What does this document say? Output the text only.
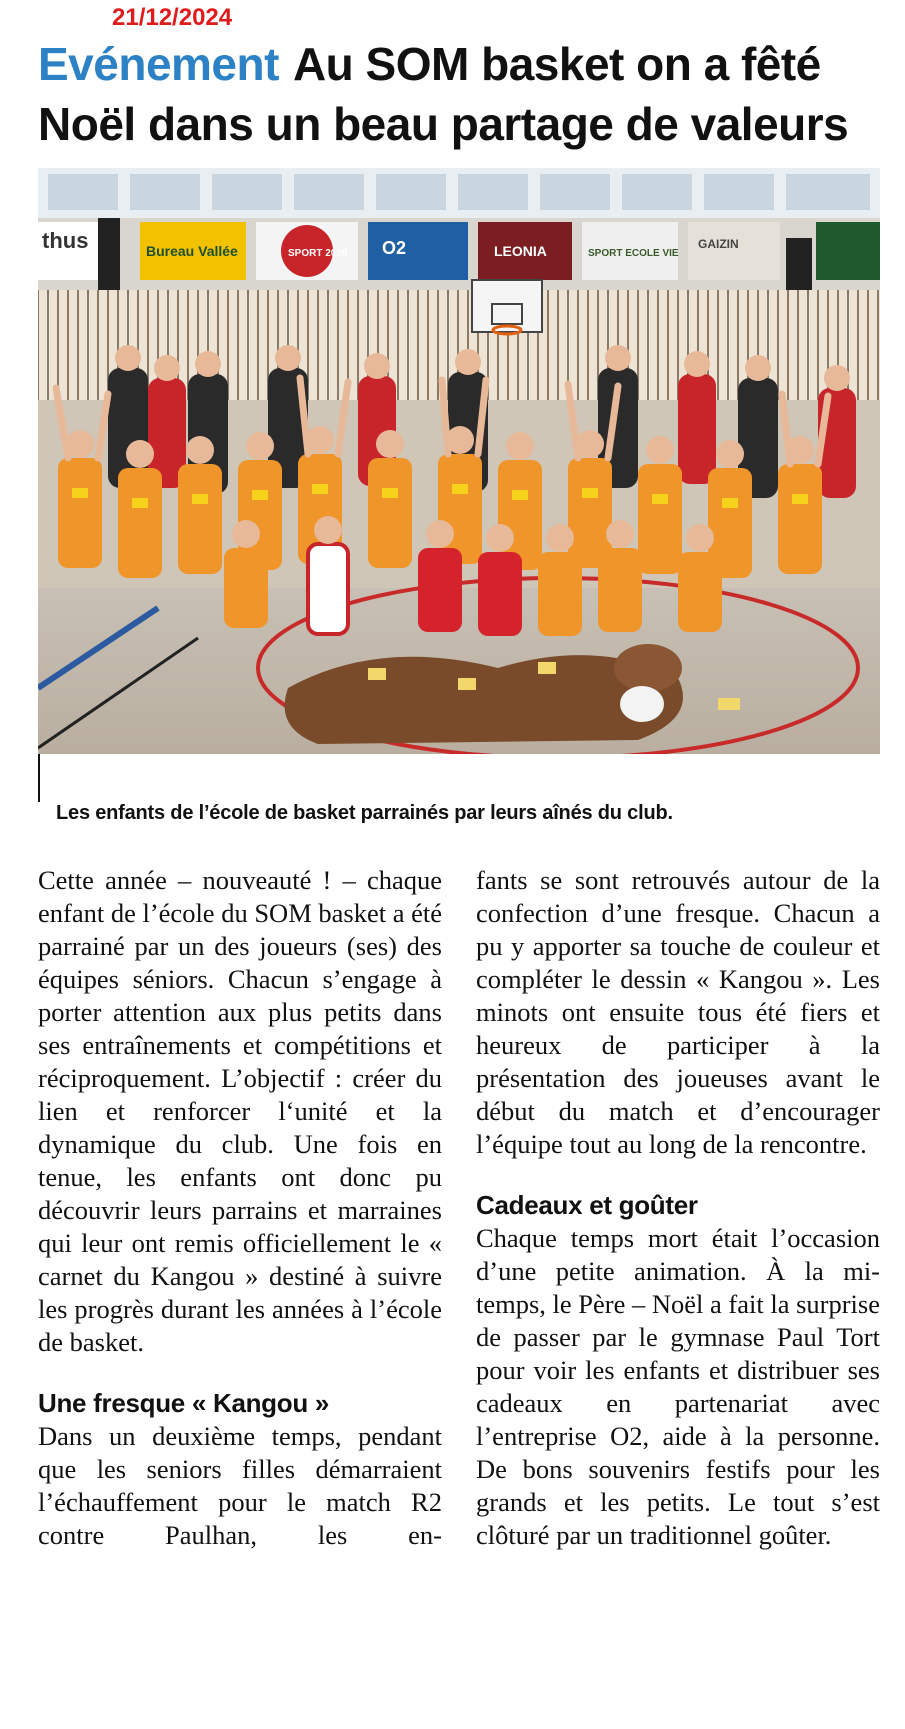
21/12/2024
Evénement Au SOM basket on a fêté Noël dans un beau partage de valeurs
thus	Bureau Vallée	SPORT 2000 O2	LEONIA	SPORT ECOLE VIE
GAIZIN
Les enfants de l’école de basket parrainés par leurs aînés du club.
Cette année – nouveauté ! – chaque enfant de l’école du SOM basket a été parrainé par un des joueurs (ses) des équipes séniors. Chacun s’engage à porter attention aux plus petits dans ses entraînements et compétitions et réciproquement. L’objectif : créer du lien et renforcer l‘unité et la dynamique du club. Une fois en tenue, les enfants ont donc pu découvrir leurs parrains et marraines qui leur ont remis officiellement le « carnet du Kangou » destiné à suivre les progrès durant les années à l’école de basket.
Une fresque « Kangou »
Dans un deuxième temps, pendant que les seniors filles démarraient l’échauffement pour le match R2 contre Paulhan, les en-
fants se sont retrouvés autour de la confection d’une fresque. Chacun a pu y apporter sa touche de couleur et compléter le dessin « Kangou ». Les minots ont ensuite tous été fiers et heureux de participer à la présentation des joueuses avant le début du match et d’encourager l’équipe tout au long de la rencontre.
Cadeaux et goûter
Chaque temps mort était l’occasion d’une petite animation. À la mi-temps, le Père – Noël a fait la surprise de passer par le gymnase Paul Tort pour voir les enfants et distribuer ses cadeaux en partenariat avec l’entreprise O2, aide à la personne. De bons souvenirs festifs pour les grands et les petits. Le tout s’est clôturé par un traditionnel goûter.
